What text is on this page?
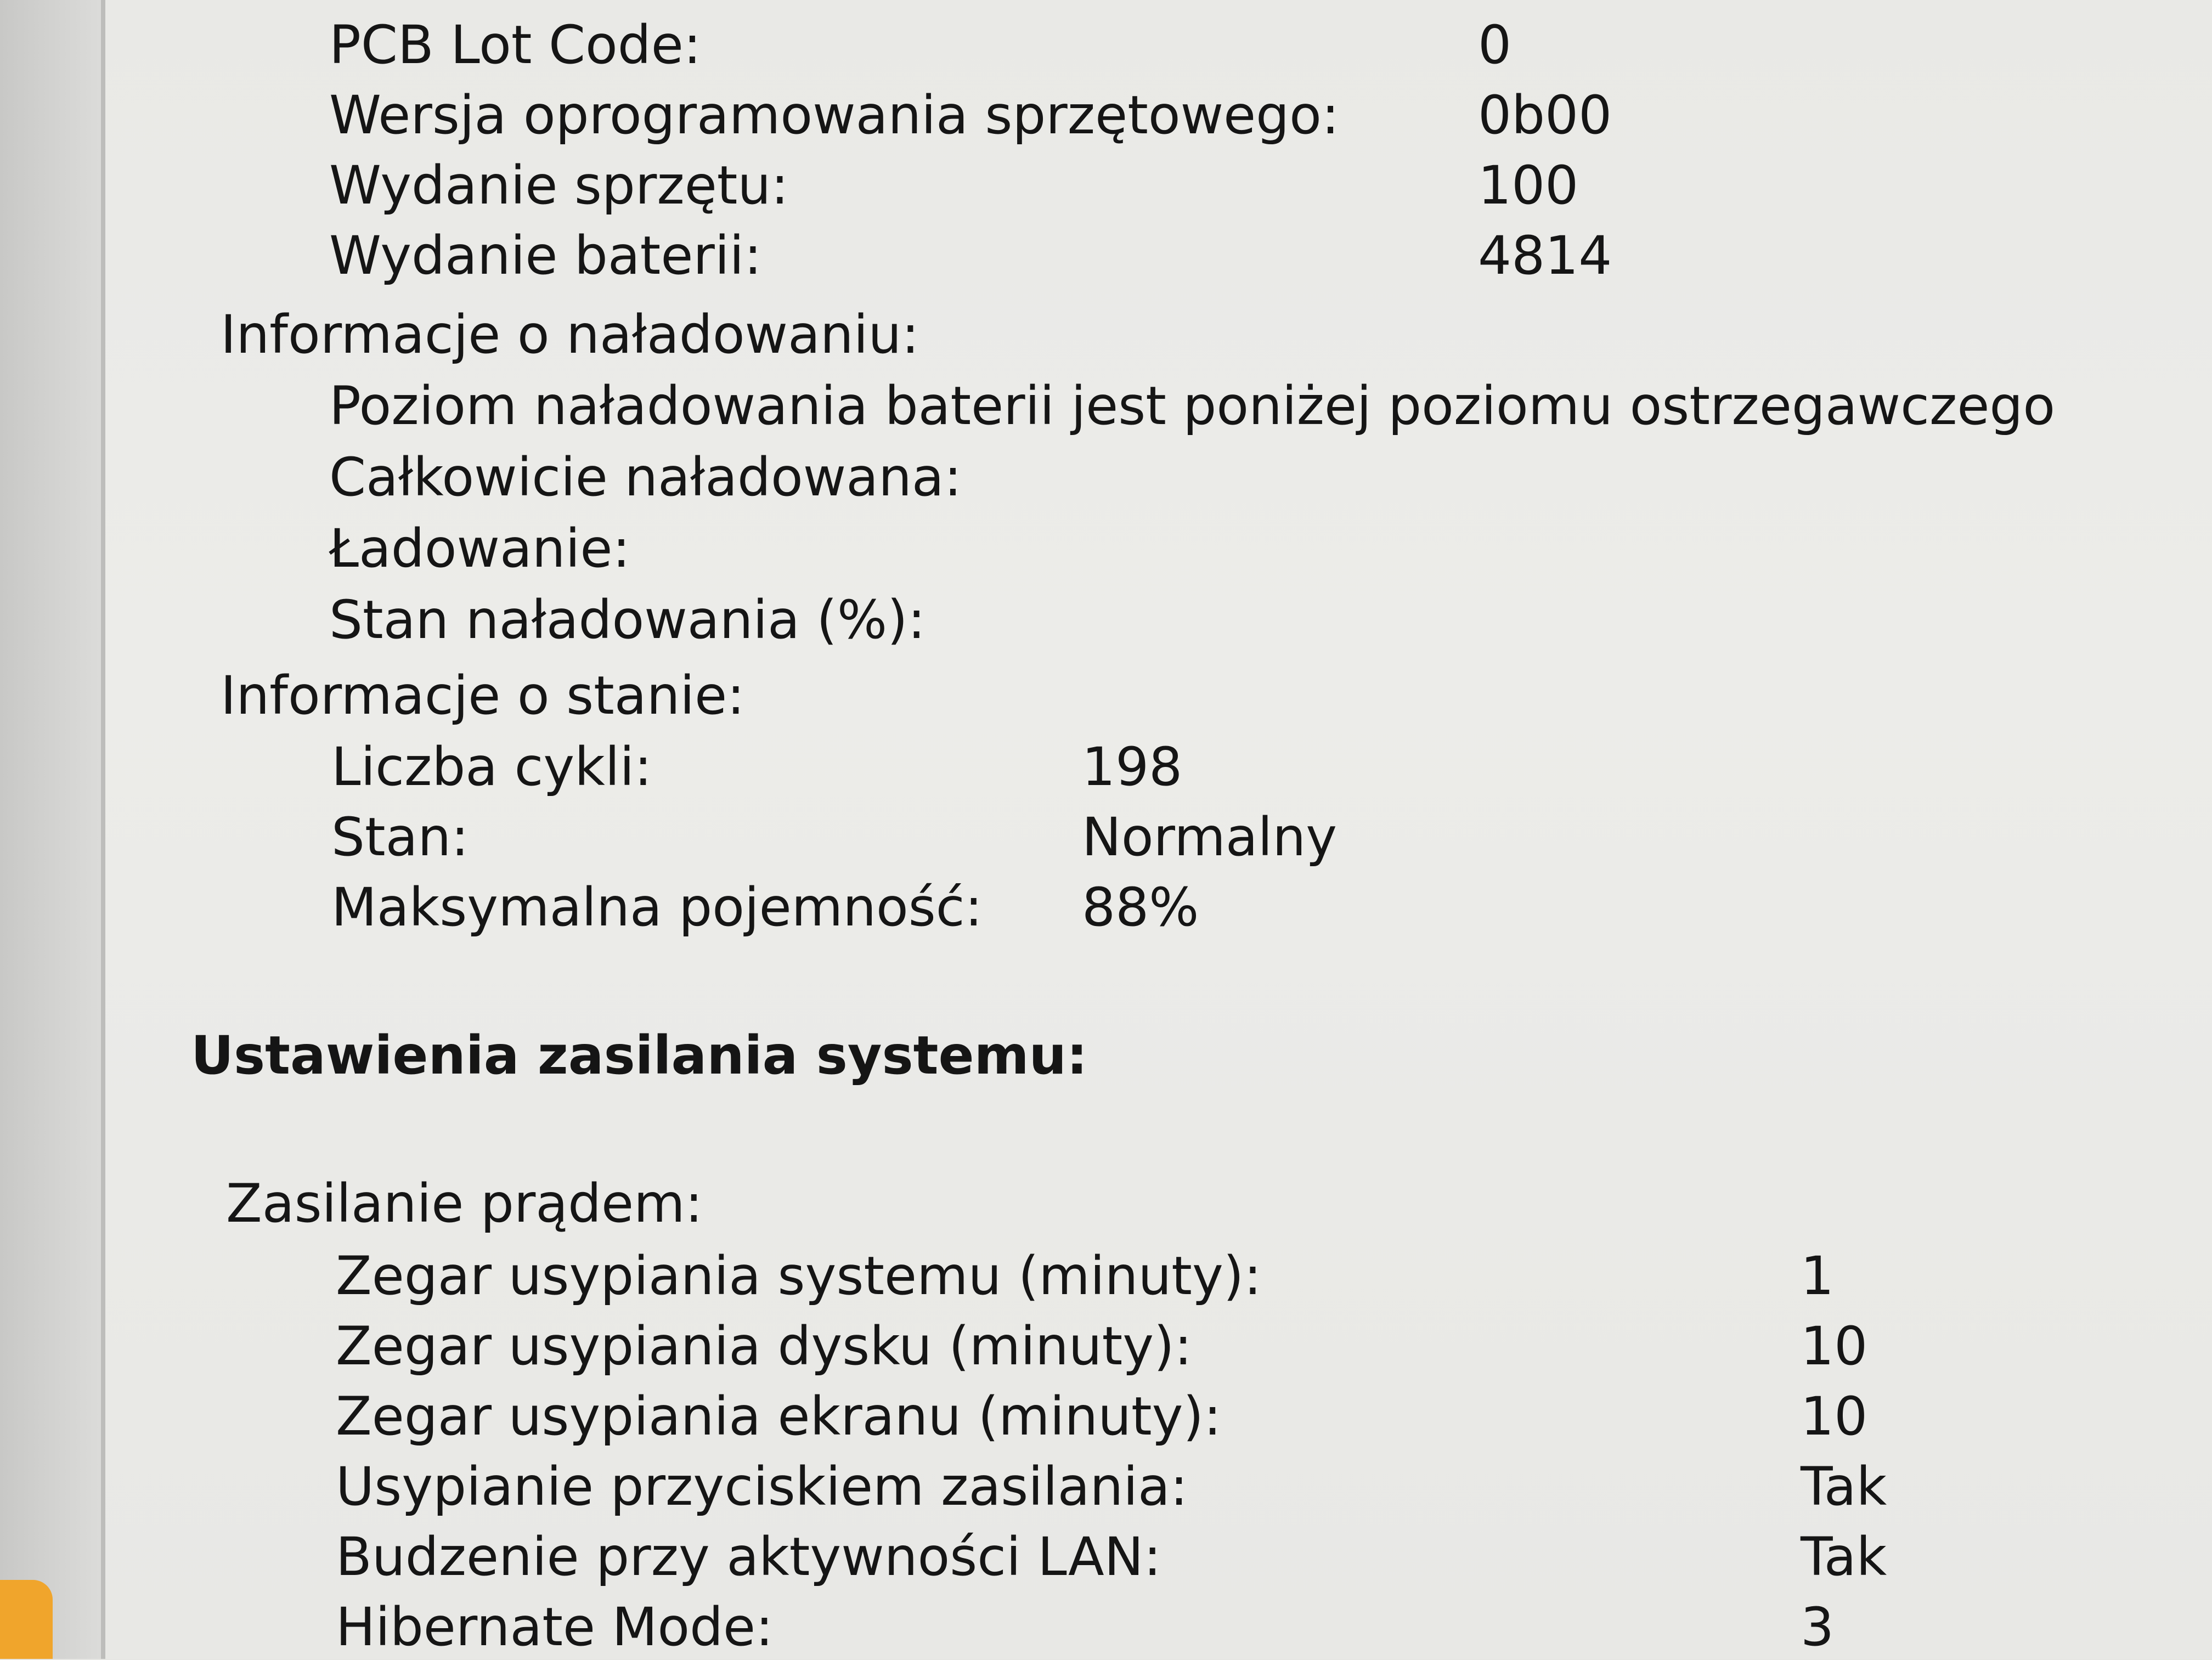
PCB Lot Code:	0
Wersja oprogramowania sprzętowego:	0b00
Wydanie sprzętu:	100
Wydanie baterii:	4814
Informacje o naładowaniu:
Poziom naładowania baterii jest poniżej poziomu ostrzegawczego
Całkowicie naładowana:
Ładowanie:
Stan naładowania (%):
Informacje o stanie:
Liczba cykli:	198
Stan:	Normalny
Maksymalna pojemność: 88%
Ustawienia zasilania systemu:
Zasilanie prądem:
Zegar usypiania systemu (minuty):	1
Zegar usypiania dysku (minuty):	10
Zegar usypiania ekranu (minuty):	10
Usypianie przyciskiem zasilania:	Tak
Budzenie przy aktywności LAN:	Tak
Hibernate Mode:	3
